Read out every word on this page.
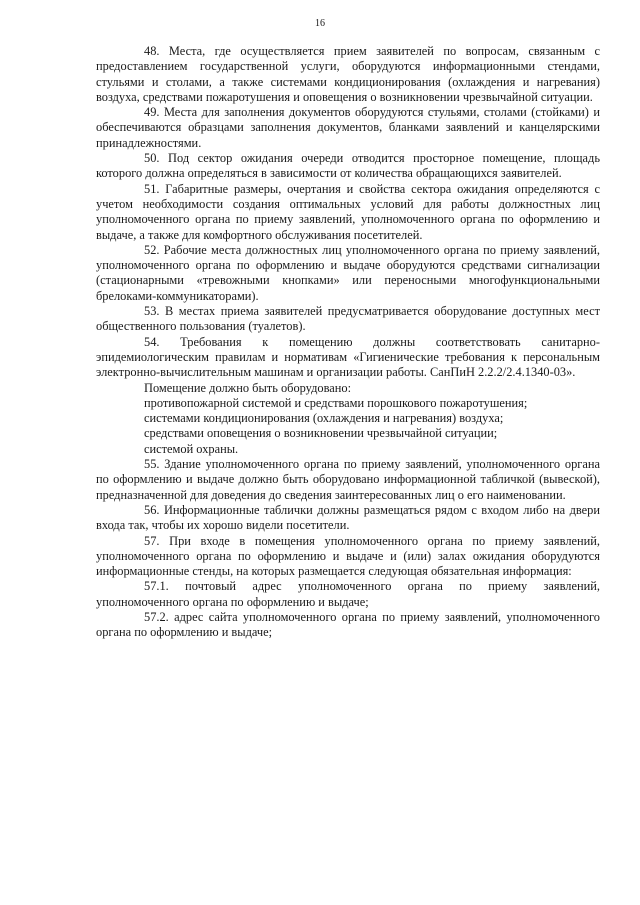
16

48. Места, где осуществляется прием заявителей по вопросам, связанным с предоставлением государственной услуги, оборудуются информационными стендами, стульями и столами, а также системами кондиционирования (охлаждения и нагревания) воздуха, средствами пожаротушения и оповещения о возникновении чрезвычайной ситуации.

49. Места для заполнения документов оборудуются стульями, столами (стойками) и обеспечиваются образцами заполнения документов, бланками заявлений и канцелярскими принадлежностями.

50. Под сектор ожидания очереди отводится просторное помещение, площадь которого должна определяться в зависимости от количества обращающихся заявителей.

51. Габаритные размеры, очертания и свойства сектора ожидания определяются с учетом необходимости создания оптимальных условий для работы должностных лиц уполномоченного органа по приему заявлений, уполномоченного органа по оформлению и выдаче, а также для комфортного обслуживания посетителей.

52. Рабочие места должностных лиц уполномоченного органа по приему заявлений, уполномоченного органа по оформлению и выдаче оборудуются средствами сигнализации (стационарными «тревожными кнопками» или переносными многофункциональными брелоками-коммуникаторами).

53. В местах приема заявителей предусматривается оборудование доступных мест общественного пользования (туалетов).

54. Требования к помещению должны соответствовать санитарно-эпидемиологическим правилам и нормативам «Гигиенические требования к персональным электронно-вычислительным машинам и организации работы. СанПиН 2.2.2/2.4.1340-03».

Помещение должно быть оборудовано:

противопожарной системой и средствами порошкового пожаротушения;

системами кондиционирования (охлаждения и нагревания) воздуха;

средствами оповещения о возникновении чрезвычайной ситуации;

системой охраны.

55. Здание уполномоченного органа по приему заявлений, уполномоченного органа по оформлению и выдаче должно быть оборудовано информационной табличкой (вывеской), предназначенной для доведения до сведения заинтересованных лиц о его наименовании.

56. Информационные таблички должны размещаться рядом с входом либо на двери входа так, чтобы их хорошо видели посетители.

57. При входе в помещения уполномоченного органа по приему заявлений, уполномоченного органа по оформлению и выдаче и (или) залах ожидания оборудуются информационные стенды, на которых размещается следующая обязательная информация:

57.1. почтовый адрес уполномоченного органа по приему заявлений, уполномоченного органа по оформлению и выдаче;

57.2. адрес сайта уполномоченного органа по приему заявлений, уполномоченного органа по оформлению и выдаче;
